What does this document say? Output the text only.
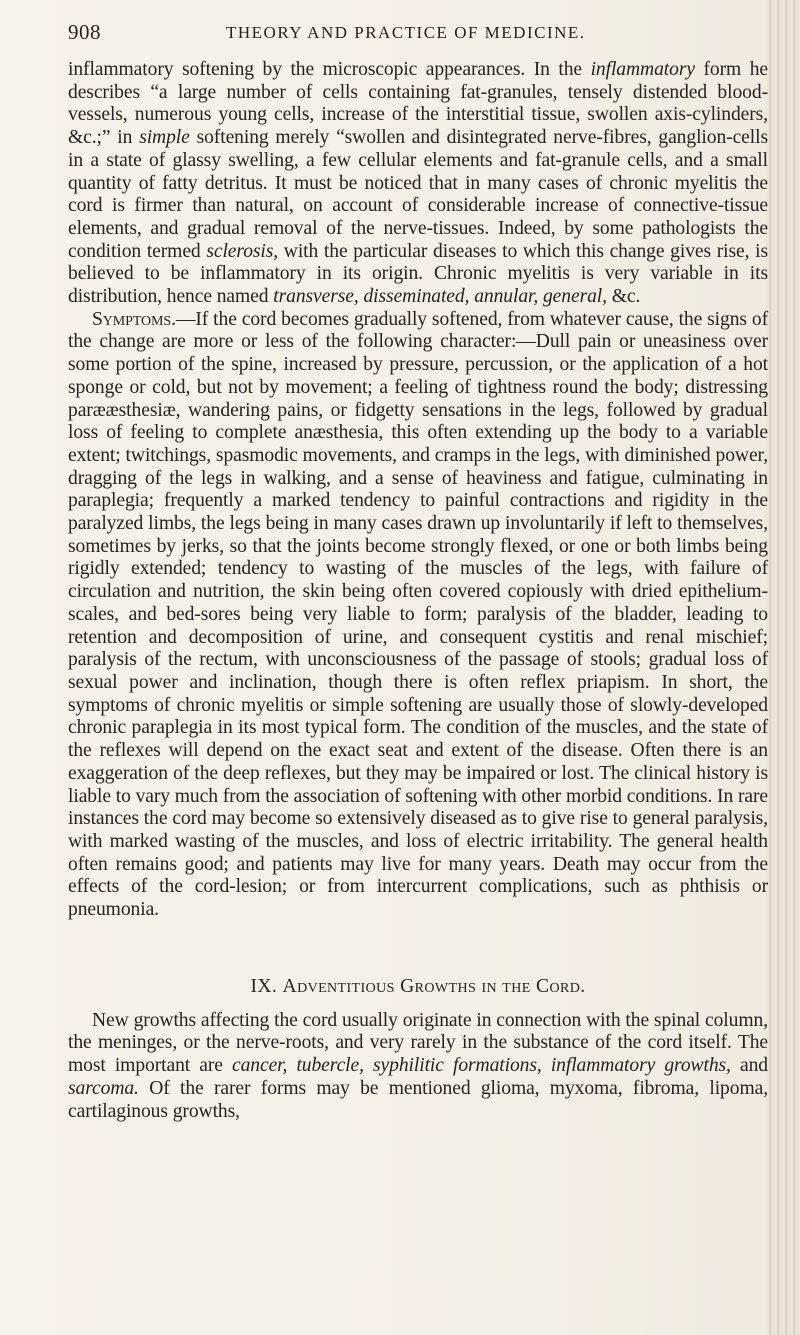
908	THEORY AND PRACTICE OF MEDICINE.

inflammatory softening by the microscopic appearances. In the inflammatory form he describes “a large number of cells containing fat-granules, tensely distended blood-vessels, numerous young cells, increase of the interstitial tissue, swollen axis-cylinders, &c.;” in simple softening merely “swollen and disintegrated nerve-fibres, ganglion-cells in a state of glassy swelling, a few cellular elements and fat-granule cells, and a small quantity of fatty detritus. It must be noticed that in many cases of chronic myelitis the cord is firmer than natural, on account of considerable increase of connective-tissue elements, and gradual removal of the nerve-tissues. Indeed, by some pathologists the condition termed sclerosis, with the particular diseases to which this change gives rise, is believed to be inflammatory in its origin. Chronic myelitis is very variable in its distribution, hence named transverse, disseminated, annular, general, &c.

Symptoms.—If the cord becomes gradually softened, from whatever cause, the signs of the change are more or less of the following character:—Dull pain or uneasiness over some portion of the spine, increased by pressure, percussion, or the application of a hot sponge or cold, but not by movement; a feeling of tightness round the body; distressing parææsthesiæ, wandering pains, or fidgetty sensations in the legs, followed by gradual loss of feeling to complete anæsthesia, this often extending up the body to a variable extent; twitchings, spasmodic movements, and cramps in the legs, with diminished power, dragging of the legs in walking, and a sense of heaviness and fatigue, culminating in paraplegia; frequently a marked tendency to painful contractions and rigidity in the paralyzed limbs, the legs being in many cases drawn up involuntarily if left to themselves, sometimes by jerks, so that the joints become strongly flexed, or one or both limbs being rigidly extended; tendency to wasting of the muscles of the legs, with failure of circulation and nutrition, the skin being often covered copiously with dried epithelium-scales, and bed-sores being very liable to form; paralysis of the bladder, leading to retention and decomposition of urine, and consequent cystitis and renal mischief; paralysis of the rectum, with unconsciousness of the passage of stools; gradual loss of sexual power and inclination, though there is often reflex priapism. In short, the symptoms of chronic myelitis or simple softening are usually those of slowly-developed chronic paraplegia in its most typical form. The condition of the muscles, and the state of the reflexes will depend on the exact seat and extent of the disease. Often there is an exaggeration of the deep reflexes, but they may be impaired or lost. The clinical history is liable to vary much from the association of softening with other morbid conditions. In rare instances the cord may become so extensively diseased as to give rise to general paralysis, with marked wasting of the muscles, and loss of electric irritability. The general health often remains good; and patients may live for many years. Death may occur from the effects of the cord-lesion; or from intercurrent complications, such as phthisis or pneumonia.

IX. Adventitious Growths in the Cord.

New growths affecting the cord usually originate in connection with the spinal column, the meninges, or the nerve-roots, and very rarely in the substance of the cord itself. The most important are cancer, tubercle, syphilitic formations, inflammatory growths, and sarcoma. Of the rarer forms may be mentioned glioma, myxoma, fibroma, lipoma, cartilaginous growths,
